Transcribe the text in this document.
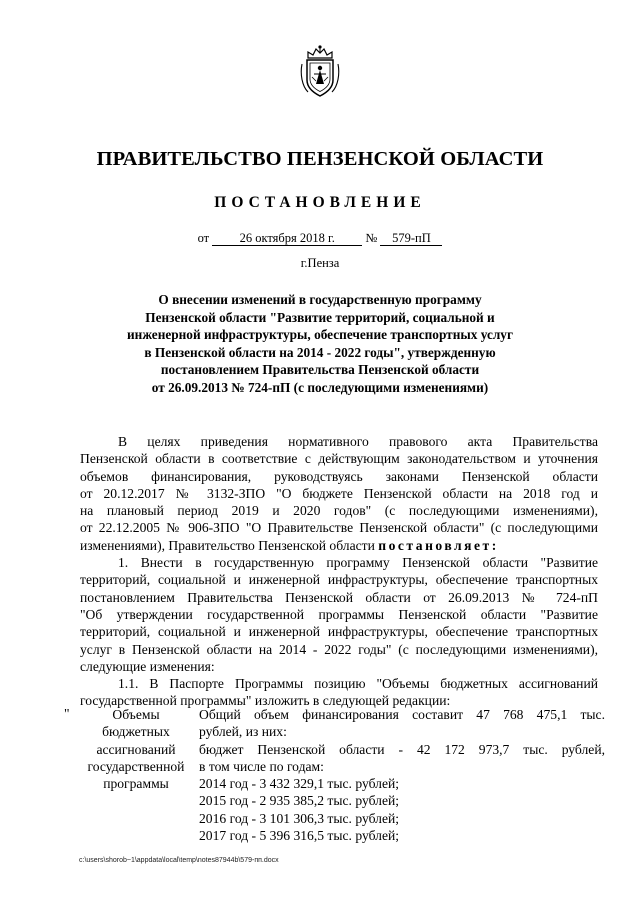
ПРАВИТЕЛЬСТВО ПЕНЗЕНСКОЙ ОБЛАСТИ
ПОСТАНОВЛЕНИЕ
от 26 октября 2018 г. № 579-пП
г.Пенза
О внесении изменений в государственную программу
Пензенской области "Развитие территорий, социальной и
инженерной инфраструктуры, обеспечение транспортных услуг
в Пензенской области на 2014 - 2022 годы", утвержденную
постановлением Правительства Пензенской области
от 26.09.2013 № 724-пП (с последующими изменениями)
В целях приведения нормативного правового акта Правительства
Пензенской области в соответствие с действующим законодательством и уточнения
объемов финансирования, руководствуясь законами Пензенской области
от 20.12.2017 № 3132-ЗПО "О бюджете Пензенской области на 2018 год и
на плановый период 2019 и 2020 годов" (с последующими изменениями),
от 22.12.2005 № 906-ЗПО "О Правительстве Пензенской области" (с последующими
изменениями), Правительство Пензенской области постановляет:
1. Внести в государственную программу Пензенской области "Развитие
территорий, социальной и инженерной инфраструктуры, обеспечение транспортных
постановлением Правительства Пензенской области от 26.09.2013 № 724-пП
"Об утверждении государственной программы Пензенской области "Развитие
территорий, социальной и инженерной инфраструктуры, обеспечение транспортных
услуг в Пензенской области на 2014 - 2022 годы" (с последующими изменениями),
следующие изменения:
1.1. В Паспорте Программы позицию "Объемы бюджетных ассигнований
государственной программы" изложить в следующей редакции:
"	Объемы
бюджетных
ассигнований
государственной
программы
Общий объем финансирования составит 47 768 475,1 тыс.
рублей, из них:
бюджет Пензенской области - 42 172 973,7 тыс. рублей,
в том числе по годам:
2014 год - 3 432 329,1 тыс. рублей;
2015 год - 2 935 385,2 тыс. рублей;
2016 год - 3 101 306,3 тыс. рублей;
2017 год - 5 396 316,5 тыс. рублей;
c:\users\shorob~1\appdata\local\temp\notes87944b\579-пп.docx
